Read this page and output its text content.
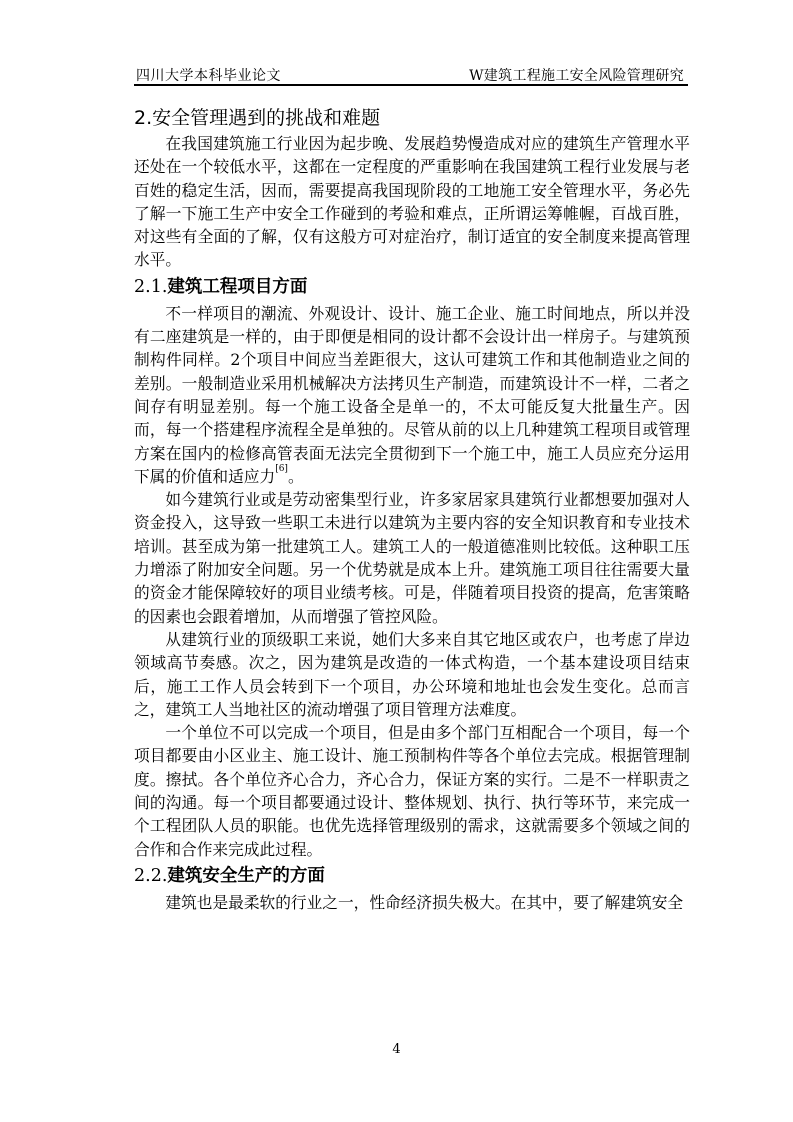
四川大学本科毕业论文	W建筑工程施工安全风险管理研究
2.安全管理遇到的挑战和难题

在我国建筑施工行业因为起步晚、发展趋势慢造成对应的建筑生产管理水平还处在一个较低水平，这都在一定程度的严重影响在我国建筑工程行业发展与老百姓的稳定生活，因而，需要提高我国现阶段的工地施工安全管理水平，务必先了解一下施工生产中安全工作碰到的考验和难点，正所谓运筹帷幄，百战百胜，对这些有全面的了解，仅有这般方可对症治疗，制订适宜的安全制度来提高管理水平。

2.1.建筑工程项目方面

不一样项目的潮流、外观设计、设计、施工企业、施工时间地点，所以并没有二座建筑是一样的，由于即便是相同的设计都不会设计出一样房子。与建筑预制构件同样。2个项目中间应当差距很大，这认可建筑工作和其他制造业之间的差别。一般制造业采用机械解决方法拷贝生产制造，而建筑设计不一样，二者之间存有明显差别。每一个施工设备全是单一的，不太可能反复大批量生产。因而，每一个搭建程序流程全是单独的。尽管从前的以上几种建筑工程项目或管理方案在国内的检修高管表面无法完全贯彻到下一个施工中，施工人员应充分运用下属的价值和适应力[6]。

如今建筑行业或是劳动密集型行业，许多家居家具建筑行业都想要加强对人资金投入，这导致一些职工未进行以建筑为主要内容的安全知识教育和专业技术培训。甚至成为第一批建筑工人。建筑工人的一般道德准则比较低。这种职工压力增添了附加安全问题。另一个优势就是成本上升。建筑施工项目往往需要大量的资金才能保障较好的项目业绩考核。可是，伴随着项目投资的提高，危害策略的因素也会跟着增加，从而增强了管控风险。

从建筑行业的顶级职工来说，她们大多来自其它地区或农户，也考虑了岸边领域高节奏感。次之，因为建筑是改造的一体式构造，一个基本建设项目结束后，施工工作人员会转到下一个项目，办公环境和地址也会发生变化。总而言之，建筑工人当地社区的流动增强了项目管理方法难度。

一个单位不可以完成一个项目，但是由多个部门互相配合一个项目，每一个项目都要由小区业主、施工设计、施工预制构件等各个单位去完成。根据管理制度。擦拭。各个单位齐心合力，齐心合力，保证方案的实行。二是不一样职责之间的沟通。每一个项目都要通过设计、整体规划、执行、执行等环节，来完成一个工程团队人员的职能。也优先选择管理级别的需求，这就需要多个领域之间的合作和合作来完成此过程。

2.2.建筑安全生产的方面

建筑也是最柔软的行业之一，性命经济损失极大。在其中，要了解建筑安全

4
